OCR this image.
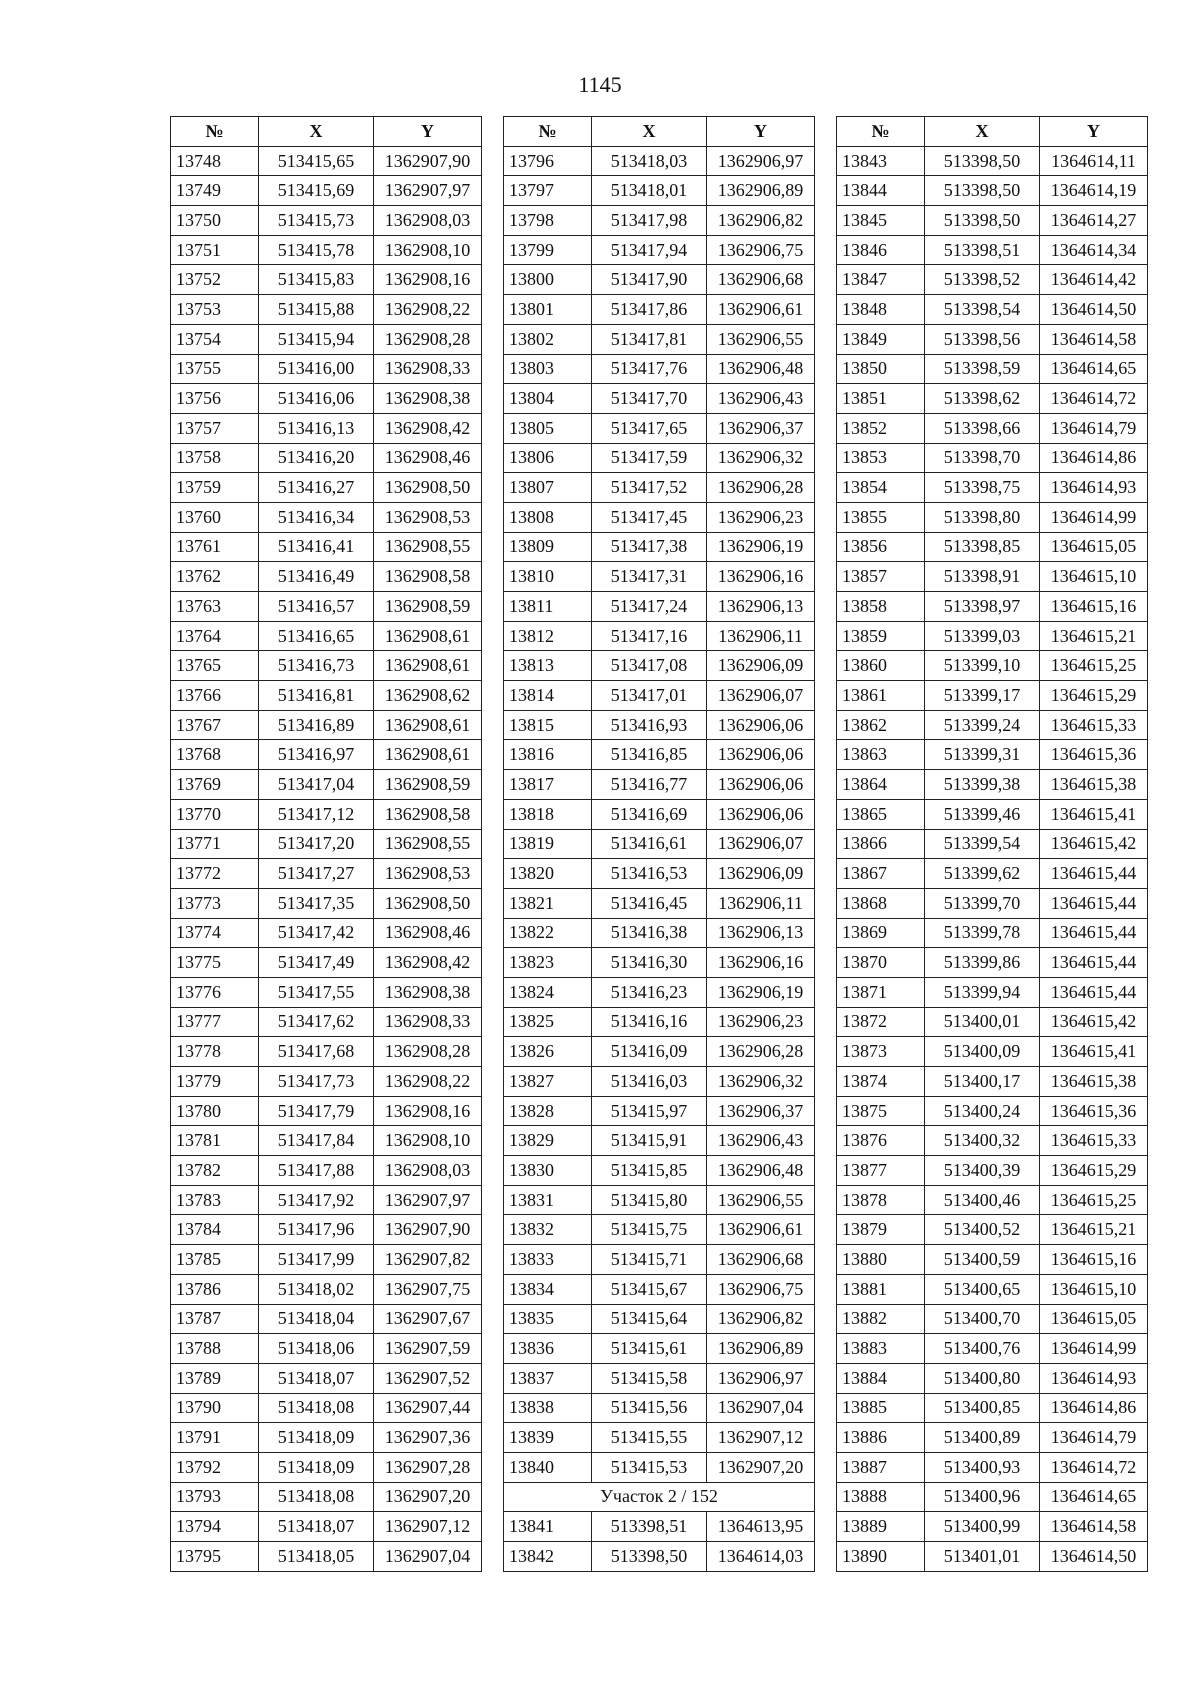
1145
№	X	Y
13748	513415,65	1362907,90
13749	513415,69	1362907,97
13750	513415,73	1362908,03
13751	513415,78	1362908,10
13752	513415,83	1362908,16
13753	513415,88	1362908,22
13754	513415,94	1362908,28
13755	513416,00	1362908,33
13756	513416,06	1362908,38
13757	513416,13	1362908,42
13758	513416,20	1362908,46
13759	513416,27	1362908,50
13760	513416,34	1362908,53
13761	513416,41	1362908,55
13762	513416,49	1362908,58
13763	513416,57	1362908,59
13764	513416,65	1362908,61
13765	513416,73	1362908,61
13766	513416,81	1362908,62
13767	513416,89	1362908,61
13768	513416,97	1362908,61
13769	513417,04	1362908,59
13770	513417,12	1362908,58
13771	513417,20	1362908,55
13772	513417,27	1362908,53
13773	513417,35	1362908,50
13774	513417,42	1362908,46
13775	513417,49	1362908,42
13776	513417,55	1362908,38
13777	513417,62	1362908,33
13778	513417,68	1362908,28
13779	513417,73	1362908,22
13780	513417,79	1362908,16
13781	513417,84	1362908,10
13782	513417,88	1362908,03
13783	513417,92	1362907,97
13784	513417,96	1362907,90
13785	513417,99	1362907,82
13786	513418,02	1362907,75
13787	513418,04	1362907,67
13788	513418,06	1362907,59
13789	513418,07	1362907,52
13790	513418,08	1362907,44
13791	513418,09	1362907,36
13792	513418,09	1362907,28
13793	513418,08	1362907,20
13794	513418,07	1362907,12
13795	513418,05	1362907,04
№	X	Y
13796	513418,03	1362906,97
13797	513418,01	1362906,89
13798	513417,98	1362906,82
13799	513417,94	1362906,75
13800	513417,90	1362906,68
13801	513417,86	1362906,61
13802	513417,81	1362906,55
13803	513417,76	1362906,48
13804	513417,70	1362906,43
13805	513417,65	1362906,37
13806	513417,59	1362906,32
13807	513417,52	1362906,28
13808	513417,45	1362906,23
13809	513417,38	1362906,19
13810	513417,31	1362906,16
13811	513417,24	1362906,13
13812	513417,16	1362906,11
13813	513417,08	1362906,09
13814	513417,01	1362906,07
13815	513416,93	1362906,06
13816	513416,85	1362906,06
13817	513416,77	1362906,06
13818	513416,69	1362906,06
13819	513416,61	1362906,07
13820	513416,53	1362906,09
13821	513416,45	1362906,11
13822	513416,38	1362906,13
13823	513416,30	1362906,16
13824	513416,23	1362906,19
13825	513416,16	1362906,23
13826	513416,09	1362906,28
13827	513416,03	1362906,32
13828	513415,97	1362906,37
13829	513415,91	1362906,43
13830	513415,85	1362906,48
13831	513415,80	1362906,55
13832	513415,75	1362906,61
13833	513415,71	1362906,68
13834	513415,67	1362906,75
13835	513415,64	1362906,82
13836	513415,61	1362906,89
13837	513415,58	1362906,97
13838	513415,56	1362907,04
13839	513415,55	1362907,12
13840	513415,53	1362907,20
Участок 2 / 152		
13841	513398,51	1364613,95
13842	513398,50	1364614,03
№	X	Y
13843	513398,50	1364614,11
13844	513398,50	1364614,19
13845	513398,50	1364614,27
13846	513398,51	1364614,34
13847	513398,52	1364614,42
13848	513398,54	1364614,50
13849	513398,56	1364614,58
13850	513398,59	1364614,65
13851	513398,62	1364614,72
13852	513398,66	1364614,79
13853	513398,70	1364614,86
13854	513398,75	1364614,93
13855	513398,80	1364614,99
13856	513398,85	1364615,05
13857	513398,91	1364615,10
13858	513398,97	1364615,16
13859	513399,03	1364615,21
13860	513399,10	1364615,25
13861	513399,17	1364615,29
13862	513399,24	1364615,33
13863	513399,31	1364615,36
13864	513399,38	1364615,38
13865	513399,46	1364615,41
13866	513399,54	1364615,42
13867	513399,62	1364615,44
13868	513399,70	1364615,44
13869	513399,78	1364615,44
13870	513399,86	1364615,44
13871	513399,94	1364615,44
13872	513400,01	1364615,42
13873	513400,09	1364615,41
13874	513400,17	1364615,38
13875	513400,24	1364615,36
13876	513400,32	1364615,33
13877	513400,39	1364615,29
13878	513400,46	1364615,25
13879	513400,52	1364615,21
13880	513400,59	1364615,16
13881	513400,65	1364615,10
13882	513400,70	1364615,05
13883	513400,76	1364614,99
13884	513400,80	1364614,93
13885	513400,85	1364614,86
13886	513400,89	1364614,79
13887	513400,93	1364614,72
13888	513400,96	1364614,65
13889	513400,99	1364614,58
13890	513401,01	1364614,50
